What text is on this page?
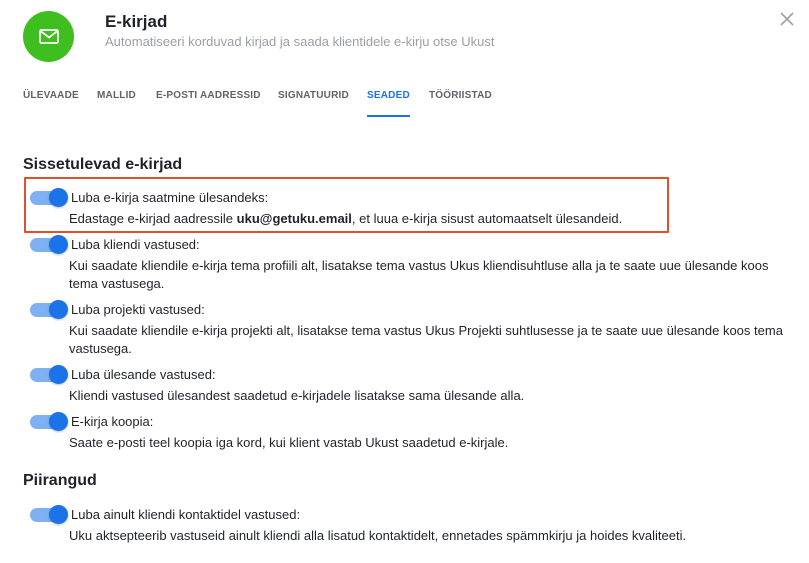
E-kirjad
Automatiseeri korduvad kirjad ja saada klientidele e-kirju otse Ukust
ÜLEVAADE MALLID E-POSTI AADRESSID SIGNATUURID SEADED TÖÖRIISTAD
Sissetulevad e-kirjad
Luba e-kirja saatmine ülesandeks:
Edastage e-kirjad aadressile uku@getuku.email, et luua e-kirja sisust automaatselt ülesandeid.
Luba kliendi vastused:
Kui saadate kliendile e-kirja tema profiili alt, lisatakse tema vastus Ukus kliendisuhtluse alla ja te saate uue ülesande koos tema vastusega.
Luba projekti vastused:
Kui saadate kliendile e-kirja projekti alt, lisatakse tema vastus Ukus Projekti suhtlusesse ja te saate uue ülesande koos tema vastusega.
Luba ülesande vastused:
Kliendi vastused ülesandest saadetud e-kirjadele lisatakse sama ülesande alla.
E-kirja koopia:
Saate e-posti teel koopia iga kord, kui klient vastab Ukust saadetud e-kirjale.
Piirangud
Luba ainult kliendi kontaktidel vastused:
Uku aktsepteerib vastuseid ainult kliendi alla lisatud kontaktidelt, ennetades spämmkirju ja hoides kvaliteeti.
